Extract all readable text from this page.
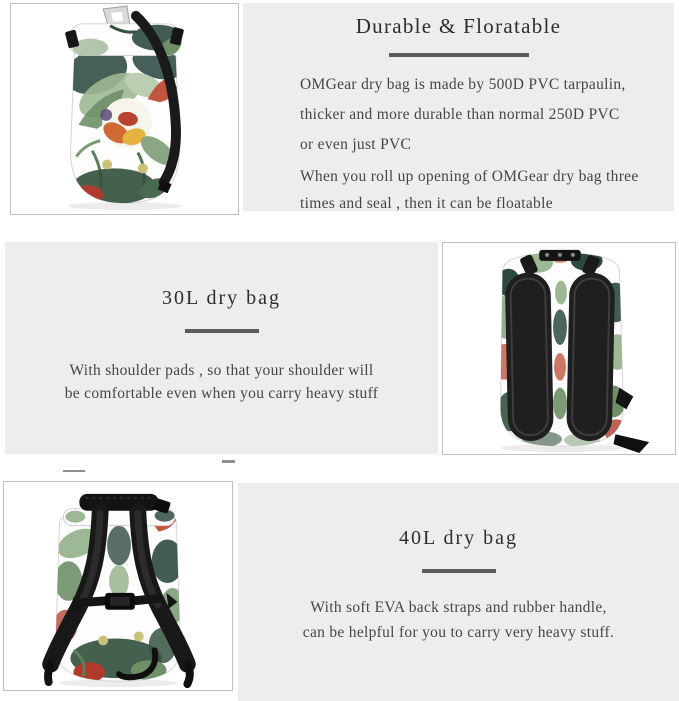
Durable & Floratable

OMGear dry bag is made by 500D PVC tarpaulin,
thicker and more durable than normal 250D PVC
or even just PVC

When you roll up opening of OMGear dry bag three
times and seal , then it can be floatable

30L dry bag

With shoulder pads , so that your shoulder will
be comfortable even when you carry heavy stuff

40L dry bag

With soft EVA back straps and rubber handle,
can be helpful for you to carry very heavy stuff.
